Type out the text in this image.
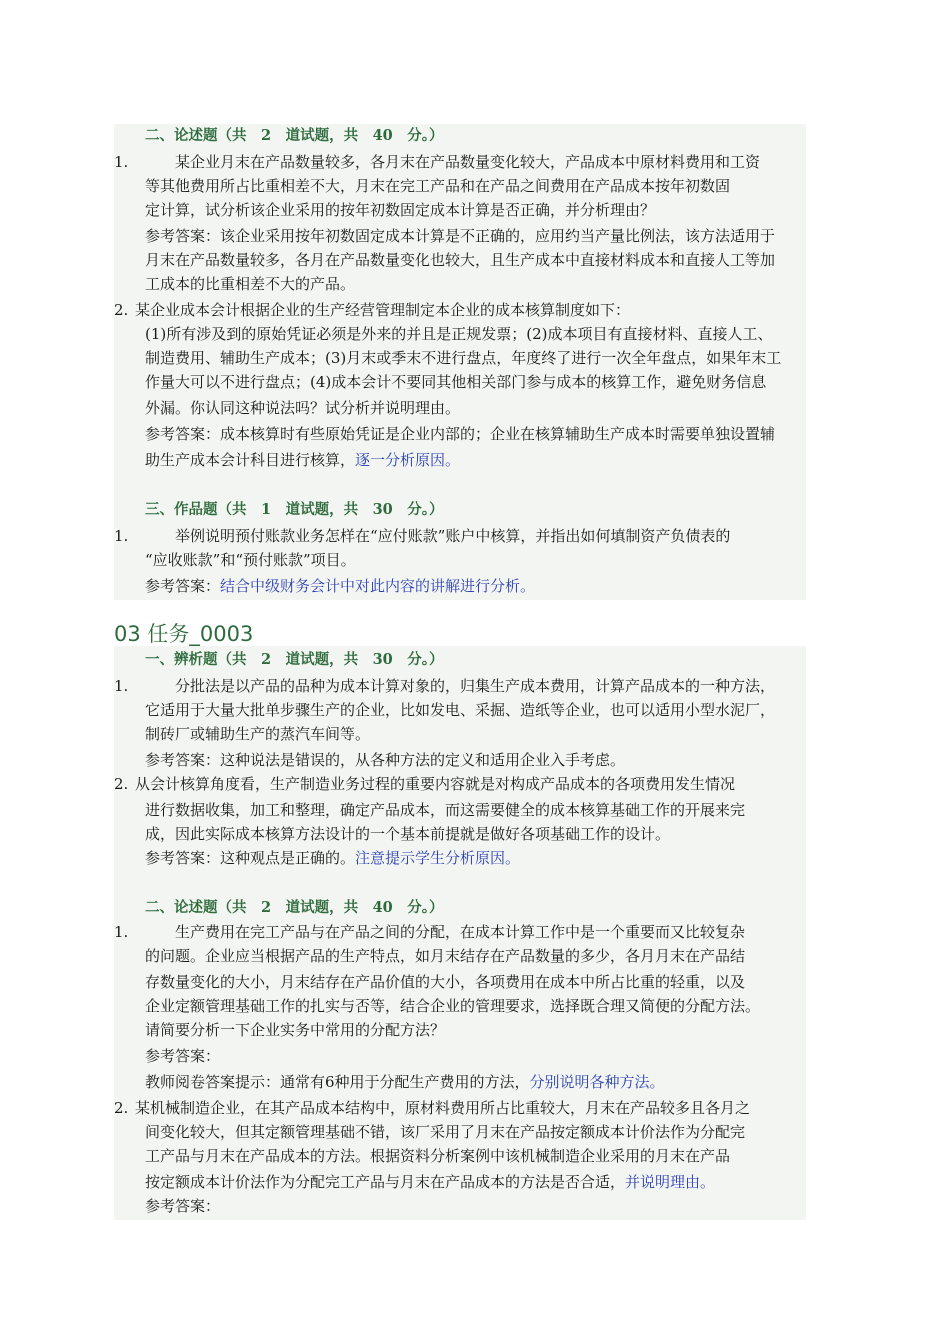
二、论述题（共　2　道试题，共　40　分。）
1. 　　某企业月末在产品数量较多，各月末在产品数量变化较大，产品成本中原材料费用和工资
等其他费用所占比重相差不大，月末在完工产品和在产品之间费用在产品成本按年初数固
定计算，试分析该企业采用的按年初数固定成本计算是否正确，并分析理由？
参考答案：该企业采用按年初数固定成本计算是不正确的，应用约当产量比例法，该方法适用于
月末在产品数量较多，各月在产品数量变化也较大，且生产成本中直接材料成本和直接人工等加
工成本的比重相差不大的产品。
2. 某企业成本会计根据企业的生产经营管理制定本企业的成本核算制度如下：
(1)所有涉及到的原始凭证必须是外来的并且是正规发票；(2)成本项目有直接材料、直接人工、
制造费用、辅助生产成本；(3)月末或季末不进行盘点，年度终了进行一次全年盘点，如果年末工
作量大可以不进行盘点；(4)成本会计不要同其他相关部门参与成本的核算工作，避免财务信息
外漏。你认同这种说法吗？试分析并说明理由。
参考答案：成本核算时有些原始凭证是企业内部的；企业在核算辅助生产成本时需要单独设置辅
助生产成本会计科目进行核算，逐一分析原因。
三、作品题（共　1　道试题，共　30　分。）
1. 　　举例说明预付账款业务怎样在“应付账款”账户中核算，并指出如何填制资产负债表的
“应收账款”和“预付账款”项目。
参考答案：结合中级财务会计中对此内容的讲解进行分析。
03 任务_0003
一、辨析题（共　2　道试题，共　30　分。）
1. 　　分批法是以产品的品种为成本计算对象的，归集生产成本费用，计算产品成本的一种方法，
它适用于大量大批单步骤生产的企业，比如发电、采掘、造纸等企业，也可以适用小型水泥厂，
制砖厂或辅助生产的蒸汽车间等。
参考答案：这种说法是错误的，从各种方法的定义和适用企业入手考虑。
2. 从会计核算角度看，生产制造业务过程的重要内容就是对构成产品成本的各项费用发生情况
进行数据收集，加工和整理，确定产品成本，而这需要健全的成本核算基础工作的开展来完
成，因此实际成本核算方法设计的一个基本前提就是做好各项基础工作的设计。
参考答案：这种观点是正确的。注意提示学生分析原因。
二、论述题（共　2　道试题，共　40　分。）
1. 　　生产费用在完工产品与在产品之间的分配，在成本计算工作中是一个重要而又比较复杂
的问题。企业应当根据产品的生产特点，如月末结存在产品数量的多少，各月月末在产品结
存数量变化的大小，月末结存在产品价值的大小，各项费用在成本中所占比重的轻重，以及
企业定额管理基础工作的扎实与否等，结合企业的管理要求，选择既合理又简便的分配方法。
请简要分析一下企业实务中常用的分配方法？
参考答案：
教师阅卷答案提示：通常有6种用于分配生产费用的方法，分别说明各种方法。
2. 某机械制造企业，在其产品成本结构中，原材料费用所占比重较大，月末在产品较多且各月之
间变化较大，但其定额管理基础不错，该厂采用了月末在产品按定额成本计价法作为分配完
工产品与月末在产品成本的方法。根据资料分析案例中该机械制造企业采用的月末在产品
按定额成本计价法作为分配完工产品与月末在产品成本的方法是否合适，并说明理由。
参考答案：
